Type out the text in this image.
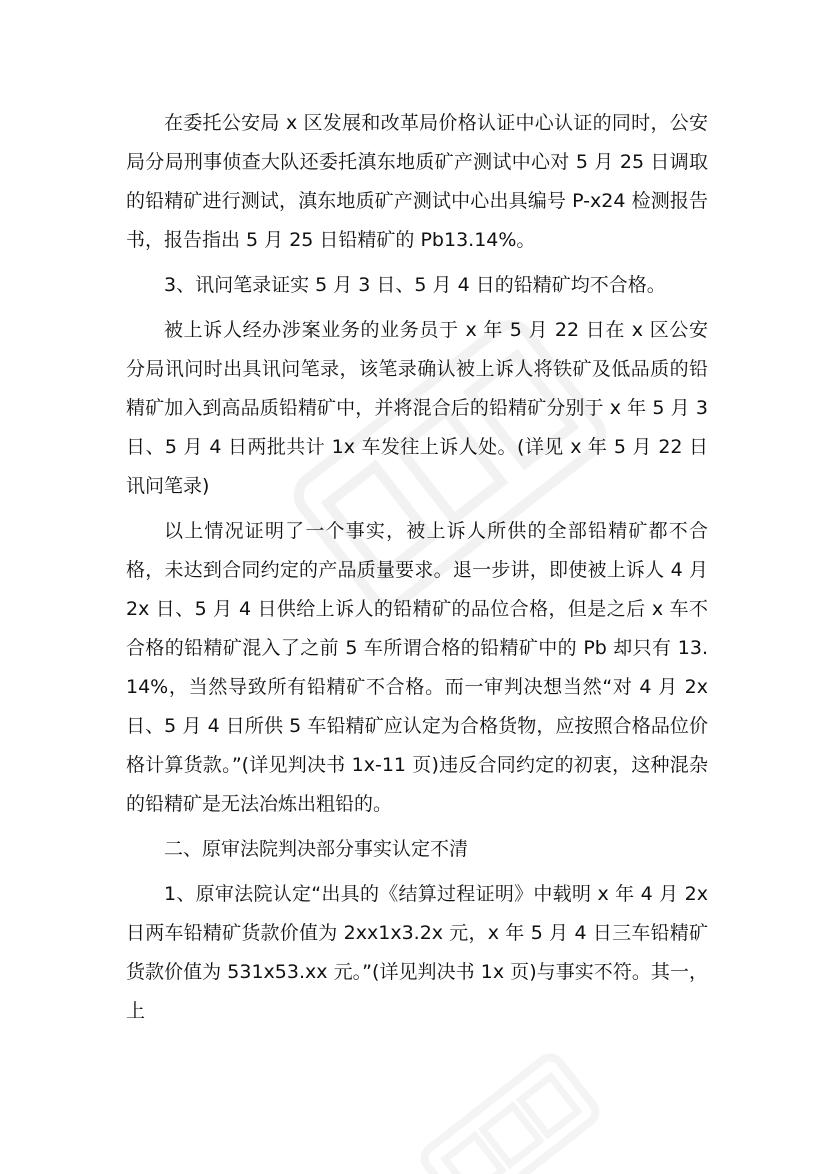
在委托公安局 x 区发展和改革局价格认证中心认证的同时，公安局分局刑事侦查大队还委托滇东地质矿产测试中心对 5 月 25 日调取的铅精矿进行测试，滇东地质矿产测试中心出具编号 P-x24 检测报告书，报告指出 5 月 25 日铅精矿的 Pb13.14%。

3、讯问笔录证实 5 月 3 日、5 月 4 日的铅精矿均不合格。

被上诉人经办涉案业务的业务员于 x 年 5 月 22 日在 x 区公安分局讯问时出具讯问笔录，该笔录确认被上诉人将铁矿及低品质的铅精矿加入到高品质铅精矿中，并将混合后的铅精矿分别于 x 年 5 月 3 日、5 月 4 日两批共计 1x 车发往上诉人处。(详见 x 年 5 月 22 日讯问笔录)

以上情况证明了一个事实，被上诉人所供的全部铅精矿都不合格，未达到合同约定的产品质量要求。退一步讲，即使被上诉人 4 月 2x 日、5 月 4 日供给上诉人的铅精矿的品位合格，但是之后 x 车不合格的铅精矿混入了之前 5 车所谓合格的铅精矿中的 Pb 却只有 13.14%，当然导致所有铅精矿不合格。而一审判决想当然“对 4 月 2x 日、5 月 4 日所供 5 车铅精矿应认定为合格货物，应按照合格品位价格计算货款。”(详见判决书 1x-11 页)违反合同约定的初衷，这种混杂的铅精矿是无法冶炼出粗铅的。

二、原审法院判决部分事实认定不清

1、原审法院认定“出具的《结算过程证明》中载明 x 年 4 月 2x 日两车铅精矿货款价值为 2xx1x3.2x 元，x 年 5 月 4 日三车铅精矿货款价值为 531x53.xx 元。”(详见判决书 1x 页)与事实不符。其一，上
